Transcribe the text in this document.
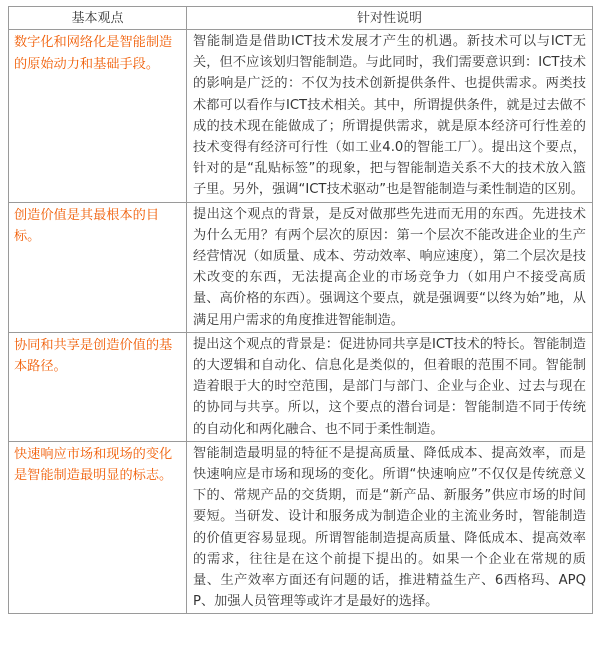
基本观点	针对性说明
数字化和网络化是智能制造的原始动力和基础手段。	智能制造是借助ICT技术发展才产生的机遇。新技术可以与ICT无关，但不应该划归智能制造。与此同时，我们需要意识到：ICT技术的影响是广泛的：不仅为技术创新提供条件、也提供需求。两类技术都可以看作与ICT技术相关。其中，所谓提供条件，就是过去做不成的技术现在能做成了；所谓提供需求，就是原本经济可行性差的技术变得有经济可行性（如工业4.0的智能工厂）。提出这个要点，针对的是“乱贴标签”的现象，把与智能制造关系不大的技术放入篮子里。另外，强调“ICT技术驱动”也是智能制造与柔性制造的区别。
创造价值是其最根本的目标。	提出这个观点的背景，是反对做那些先进而无用的东西。先进技术为什么无用？有两个层次的原因：第一个层次不能改进企业的生产经营情况（如质量、成本、劳动效率、响应速度），第二个层次是技术改变的东西，无法提高企业的市场竞争力（如用户不接受高质量、高价格的东西）。强调这个要点，就是强调要“以终为始”地，从满足用户需求的角度推进智能制造。
协同和共享是创造价值的基本路径。	提出这个观点的背景是：促进协同共享是ICT技术的特长。智能制造的大逻辑和自动化、信息化是类似的，但着眼的范围不同。智能制造着眼于大的时空范围，是部门与部门、企业与企业、过去与现在的协同与共享。所以，这个要点的潜台词是：智能制造不同于传统的自动化和两化融合、也不同于柔性制造。
快速响应市场和现场的变化是智能制造最明显的标志。	智能制造最明显的特征不是提高质量、降低成本、提高效率，而是快速响应是市场和现场的变化。所谓“快速响应”不仅仅是传统意义下的、常规产品的交货期，而是“新产品、新服务”供应市场的时间要短。当研发、设计和服务成为制造企业的主流业务时，智能制造的价值更容易显现。所谓智能制造提高质量、降低成本、提高效率的需求，往往是在这个前提下提出的。如果一个企业在常规的质量、生产效率方面还有问题的话，推进精益生产、6西格玛、APQP、加强人员管理等或许才是最好的选择。
